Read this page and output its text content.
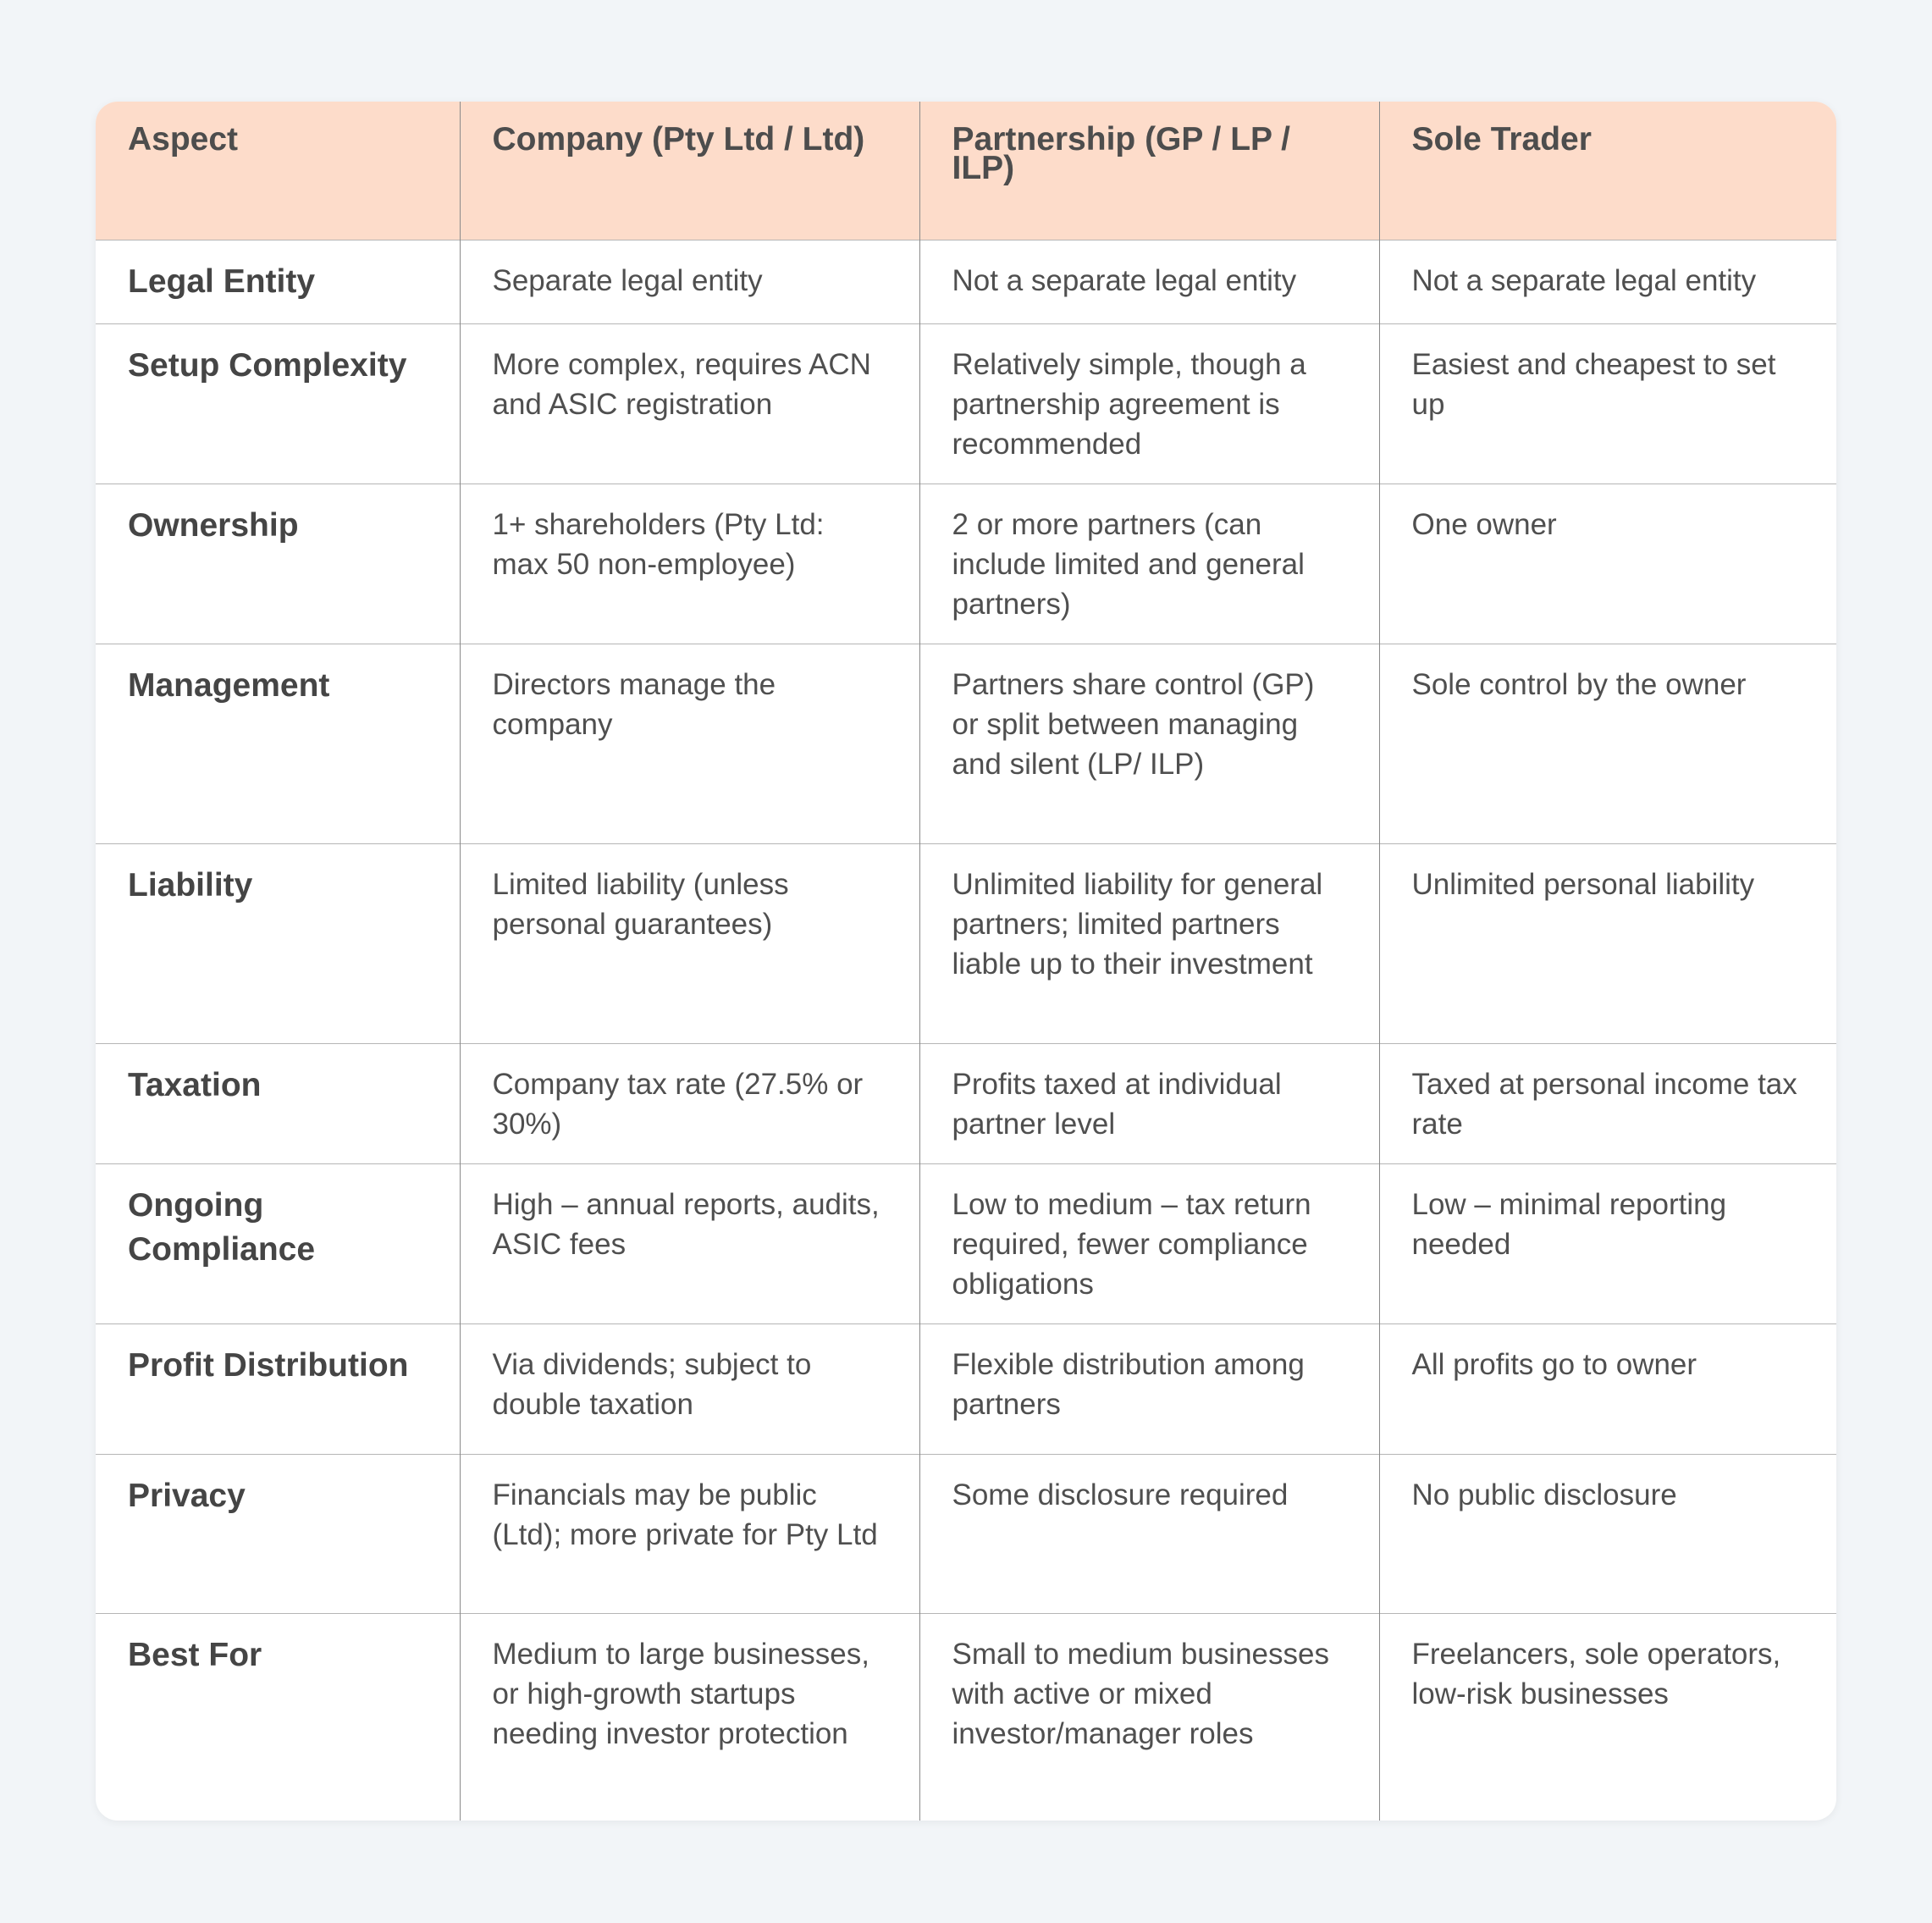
Aspect	Company (Pty Ltd / Ltd)	Partnership (GP / LP / ILP)	Sole Trader
Legal Entity	Separate legal entity	Not a separate legal entity	Not a separate legal entity
Setup Complexity	More complex, requires ACN and ASIC registration	Relatively simple, though a partnership agreement is recommended	Easiest and cheapest to set up
Ownership	1+ shareholders (Pty Ltd: max 50 non-employee)	2 or more partners (can include limited and general partners)	One owner
Management	Directors manage the company	Partners share control (GP) or split between managing and silent (LP/ ILP)	Sole control by the owner
Liability	Limited liability (unless personal guarantees)	Unlimited liability for general partners; limited partners liable up to their investment	Unlimited personal liability
Taxation	Company tax rate (27.5% or 30%)	Profits taxed at individual partner level	Taxed at personal income tax rate
Ongoing Compliance	High – annual reports, audits, ASIC fees	Low to medium – tax return required, fewer compliance obligations	Low – minimal reporting needed
Profit Distribution	Via dividends; subject to double taxation	Flexible distribution among partners	All profits go to owner
Privacy	Financials may be public (Ltd); more private for Pty Ltd	Some disclosure required	No public disclosure
Best For	Medium to large businesses, or high-growth startups needing investor protection	Small to medium businesses with active or mixed investor/manager roles	Freelancers, sole operators, low-risk businesses
